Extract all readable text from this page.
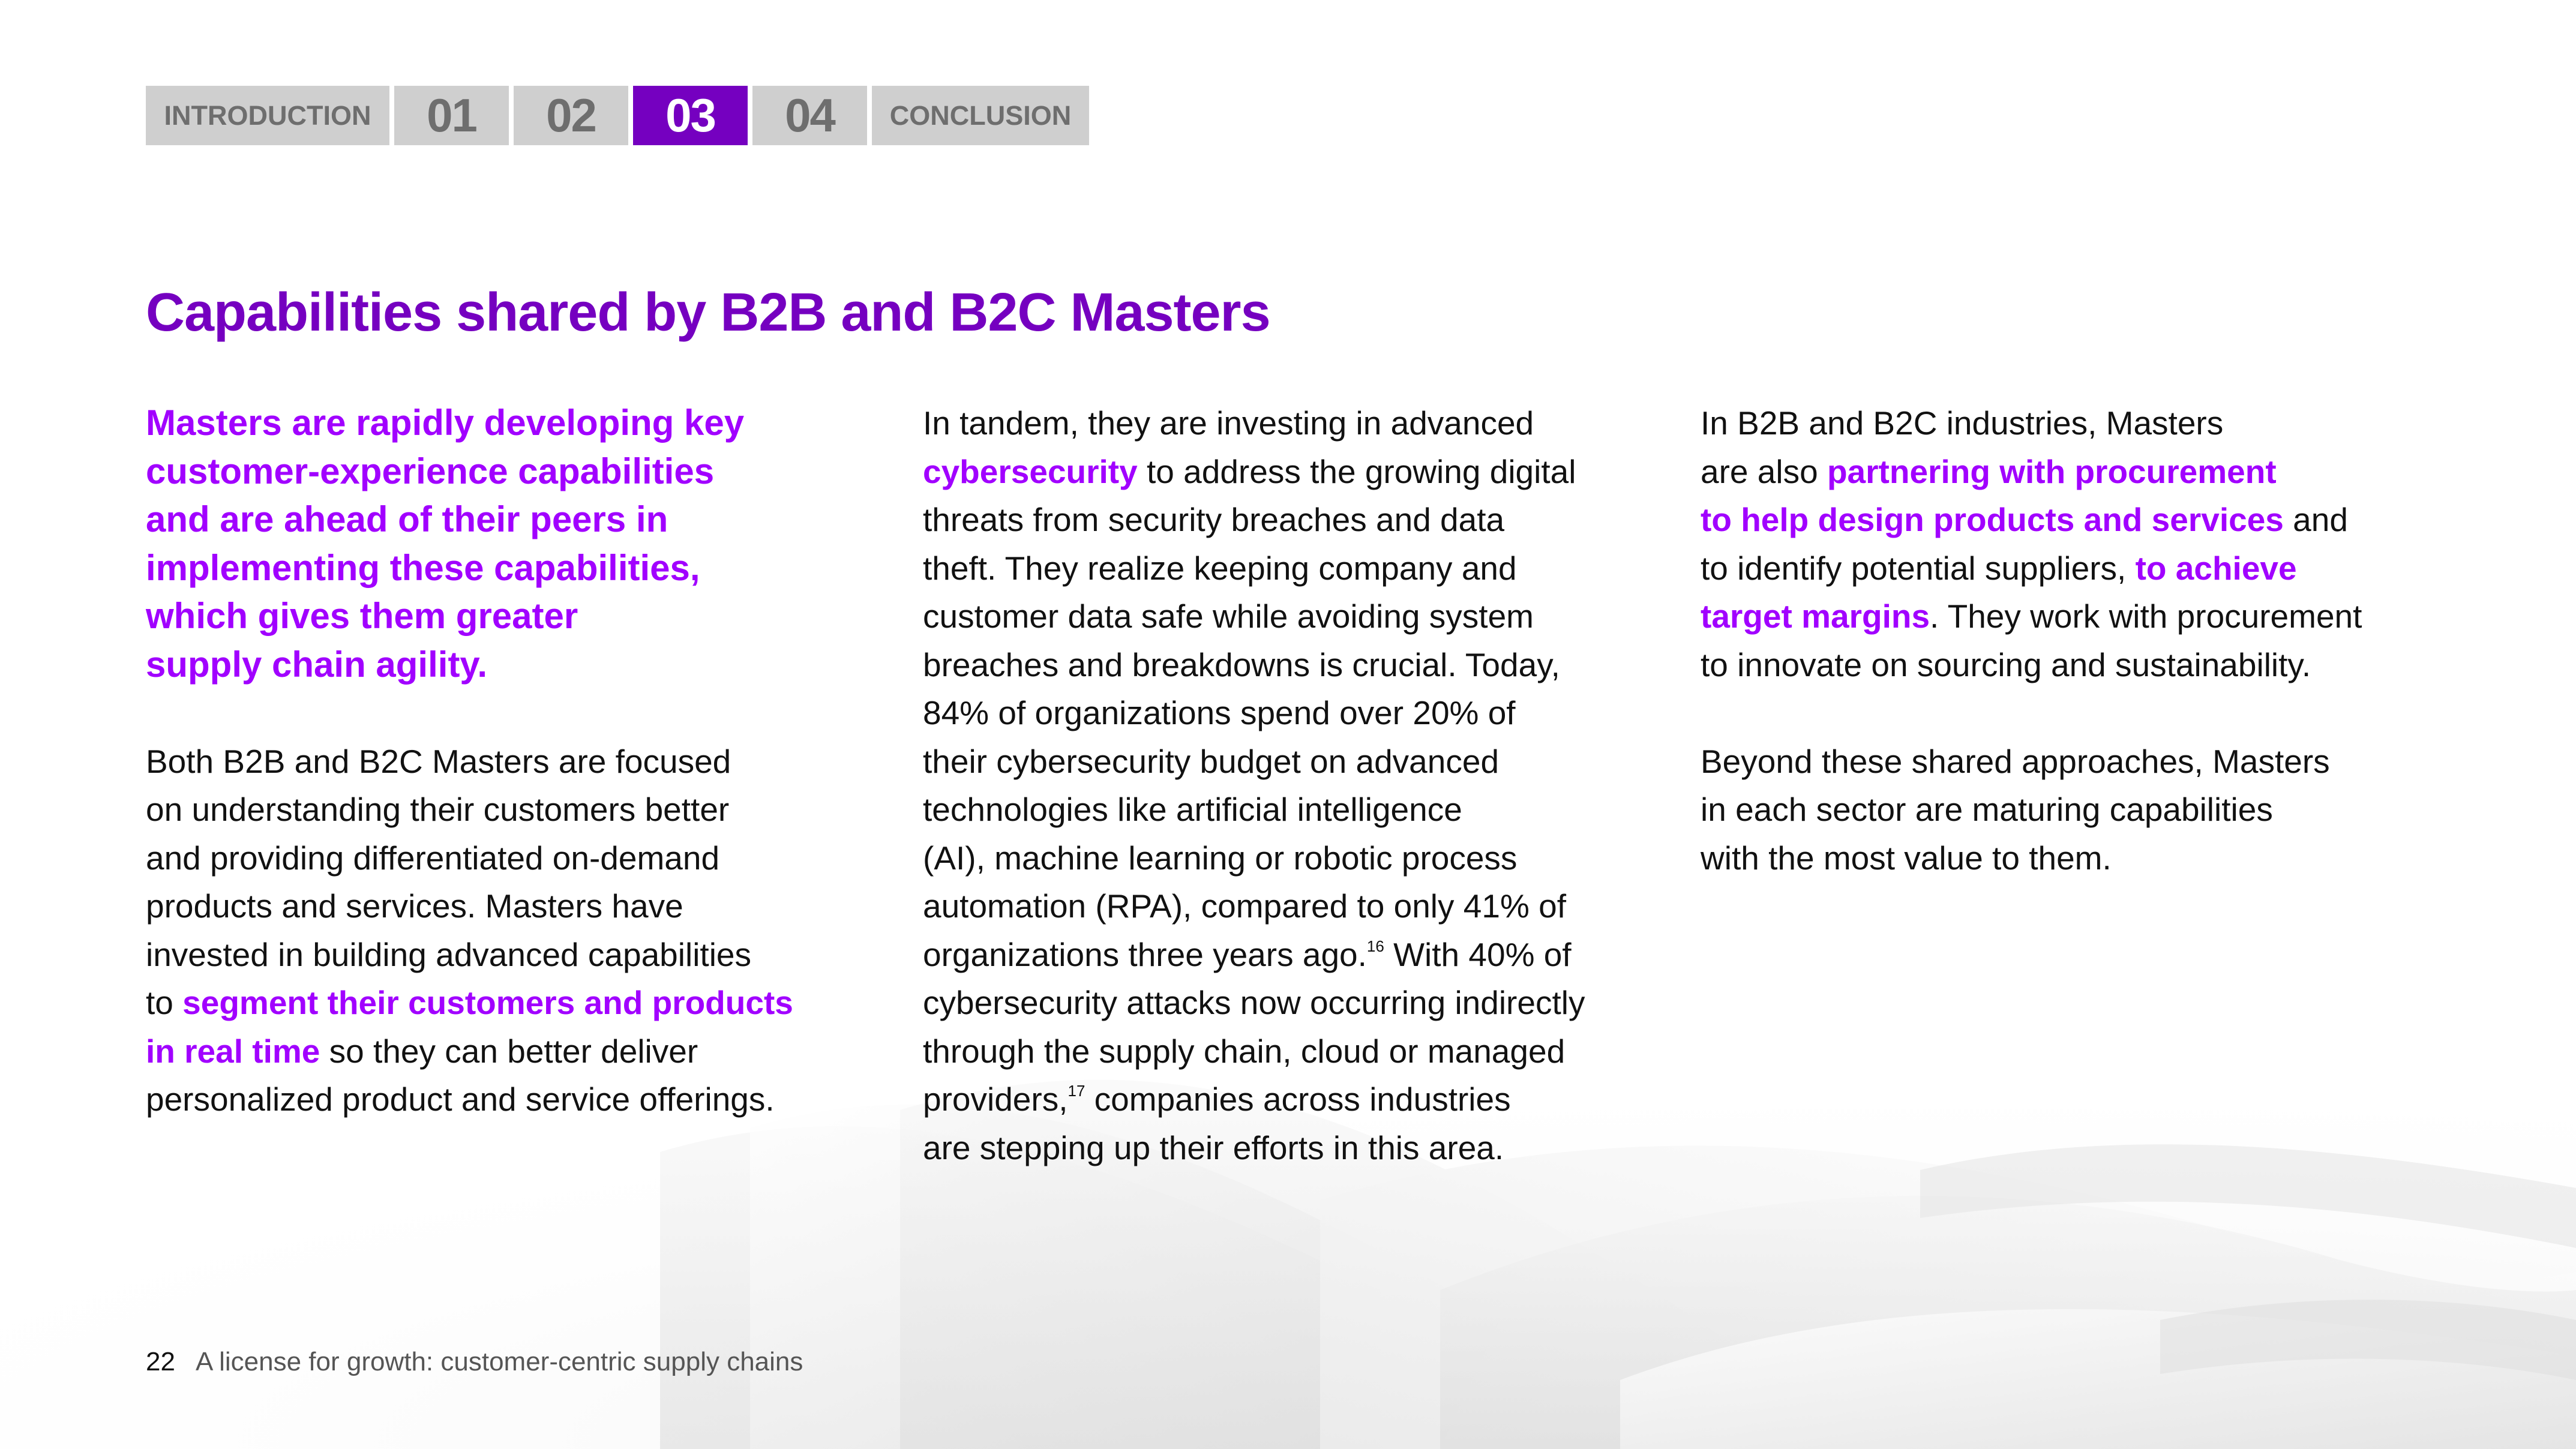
INTRODUCTION	01	02	03	04	CONCLUSION
Capabilities shared by B2B and B2C Masters

Masters are rapidly developing key
customer-experience capabilities
and are ahead of their peers in
implementing these capabilities,
which gives them greater
supply chain agility.

Both B2B and B2C Masters are focused
on understanding their customers better
and providing differentiated on-demand
products and services. Masters have
invested in building advanced capabilities
to segment their customers and products
in real time so they can better deliver
personalized product and service offerings.

In tandem, they are investing in advanced
cybersecurity to address the growing digital
threats from security breaches and data
theft. They realize keeping company and
customer data safe while avoiding system
breaches and breakdowns is crucial. Today,
84% of organizations spend over 20% of
their cybersecurity budget on advanced
technologies like artificial intelligence
(AI), machine learning or robotic process
automation (RPA), compared to only 41% of
organizations three years ago.$^{16}$ With 40% of
cybersecurity attacks now occurring indirectly
through the supply chain, cloud or managed
providers,$^{17}$ companies across industries
are stepping up their efforts in this area.

In B2B and B2C industries, Masters
are also partnering with procurement
to help design products and services and
to identify potential suppliers, to achieve
target margins. They work with procurement
to innovate on sourcing and sustainability.

Beyond these shared approaches, Masters
in each sector are maturing capabilities
with the most value to them.

22 A license for growth: customer-centric supply chains
